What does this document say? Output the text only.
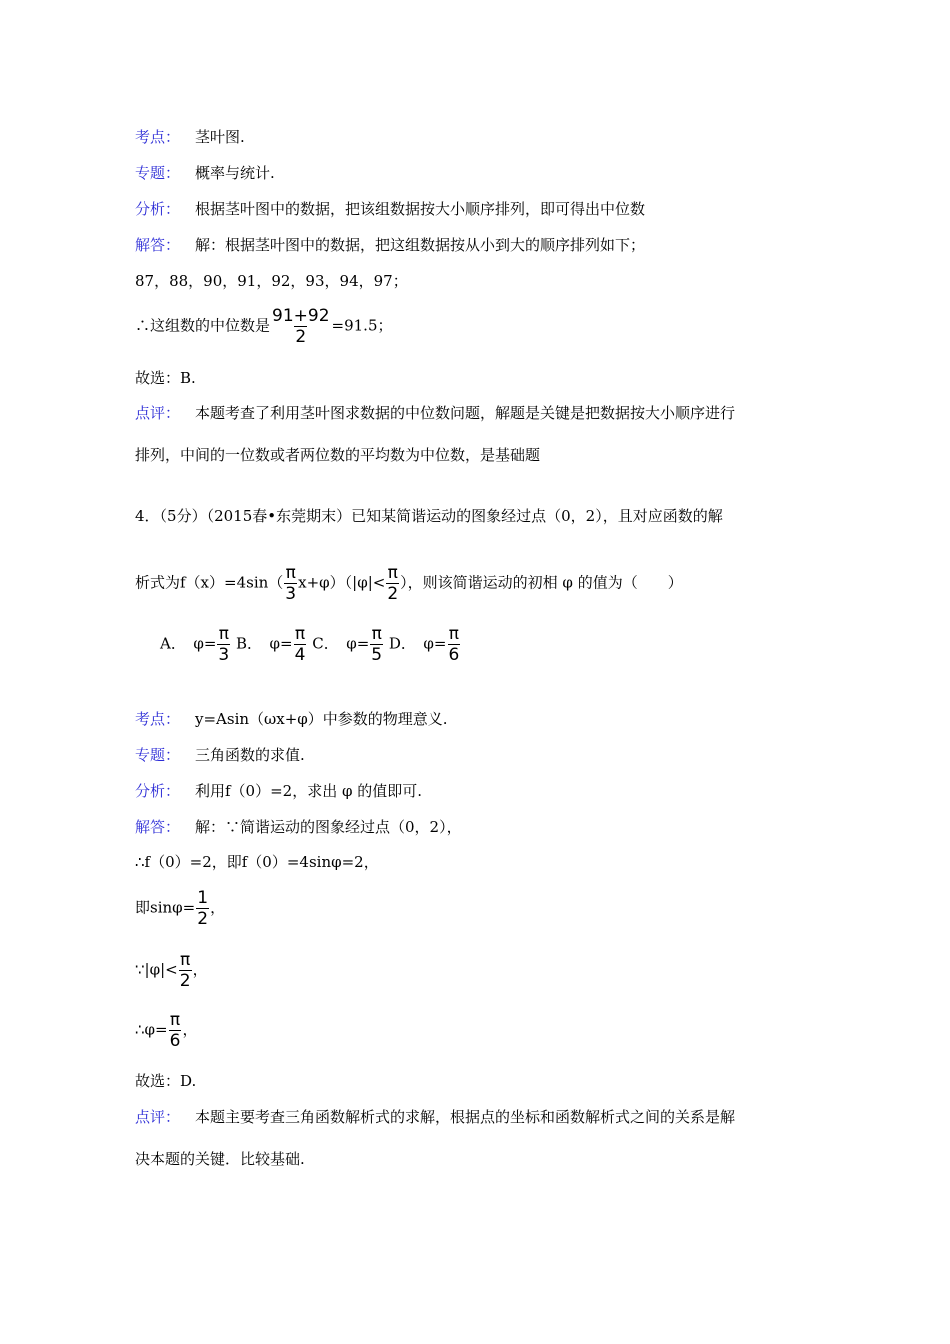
考点： 茎叶图.
专题： 概率与统计.
分析： 根据茎叶图中的数据，把该组数据按大小顺序排列，即可得出中位数
解答： 解：根据茎叶图中的数据，把这组数据按从小到大的顺序排列如下；
87，88，90，91，92，93，94，97；
∴这组数的中位数是 $\frac{91+92}{2} =91.5$；
故选：B.
点评： 本题考查了利用茎叶图求数据的中位数问题，解题是关键是把数据按大小顺序进行
排列，中间的一位数或者两位数的平均数为中位数，是基础题
4．（5分）（2015春•东莞期末）已知某简谐运动的图象经过点（0，2），且对应函数的解
析式为$f(x)=4\sin( \frac{\pi}{3} x+\varphi)(|\varphi|< \frac{\pi}{2}$ ），则该简谐运动的初相 φ 的值为（　　）
A．　$\varphi= \frac{\pi}{3}$ B．　$\varphi= \frac{\pi}{4}$ C．　$\varphi= \frac{\pi}{5}$ D．　$\varphi= \frac{\pi}{6}$
考点： y=Asin（ωx+φ）中参数的物理意义.
专题： 三角函数的求值.
分析： 利用f（0）=2，求出 φ 的值即可.
解答： 解：∵简谐运动的图象经过点（0，2），
∴f（0）=2，即f（0）=4sinφ=2，
即$\sin\varphi= \frac{1}{2}$ ，
∵|φ|< $\frac{\pi}{2}$ ，
∴φ= $\frac{\pi}{6}$ ，
故选：D.
点评： 本题主要考查三角函数解析式的求解，根据点的坐标和函数解析式之间的关系是解
决本题的关键．比较基础.
